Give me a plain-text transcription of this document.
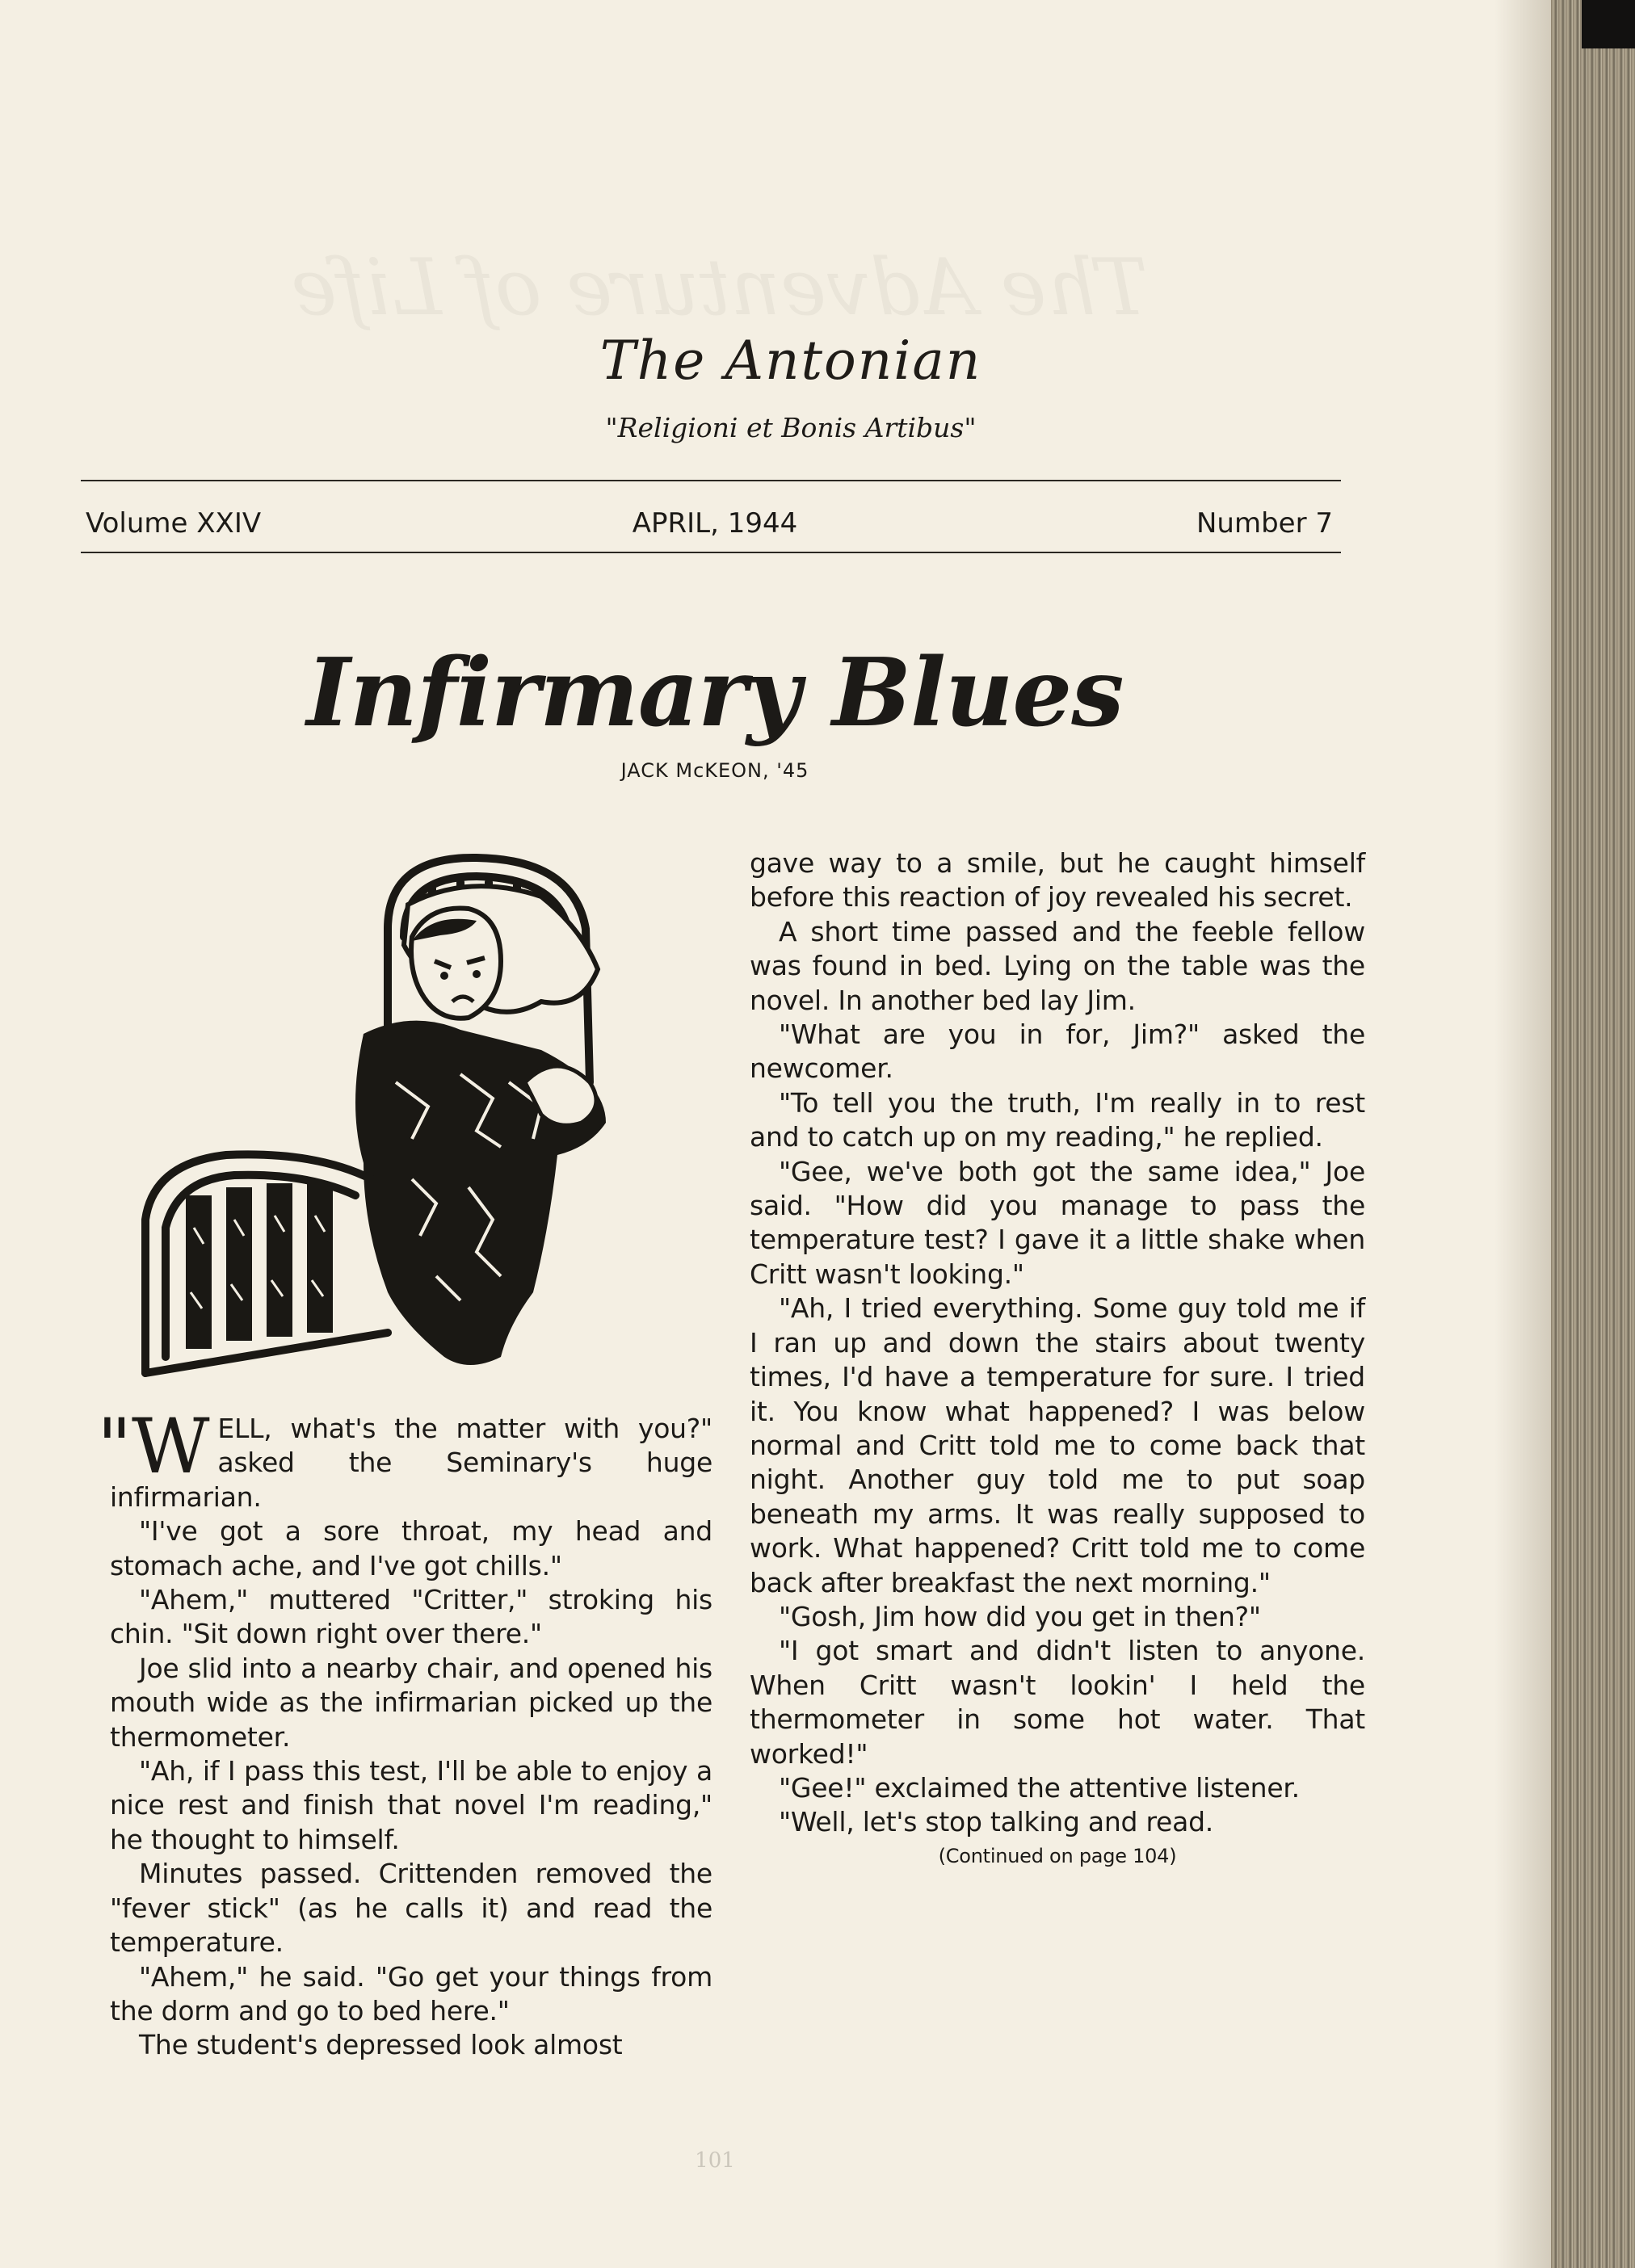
The Adventure of Life
The Antonian
"Religioni et Bonis Artibus"
Volume XXIV	APRIL, 1944	Number 7
Infirmary Blues
JACK McKEON, '45

"WELL, what's the matter with you?" asked the Seminary's huge infirmarian.

"I've got a sore throat, my head and stomach ache, and I've got chills."

"Ahem," muttered "Critter," stroking his chin. "Sit down right over there."

Joe slid into a nearby chair, and opened his mouth wide as the infirmarian picked up the thermometer.

"Ah, if I pass this test, I'll be able to enjoy a nice rest and finish that novel I'm reading," he thought to himself.

Minutes passed. Crittenden removed the "fever stick" (as he calls it) and read the temperature.

"Ahem," he said. "Go get your things from the dorm and go to bed here."

The student's depressed look almost

gave way to a smile, but he caught himself before this reaction of joy revealed his secret.

A short time passed and the feeble fellow was found in bed. Lying on the table was the novel. In another bed lay Jim.

"What are you in for, Jim?" asked the newcomer.

"To tell you the truth, I'm really in to rest and to catch up on my reading," he replied.

"Gee, we've both got the same idea," Joe said. "How did you manage to pass the temperature test? I gave it a little shake when Critt wasn't looking."

"Ah, I tried everything. Some guy told me if I ran up and down the stairs about twenty times, I'd have a temperature for sure. I tried it. You know what happened? I was below normal and Critt told me to come back that night. Another guy told me to put soap beneath my arms. It was really supposed to work. What happened? Critt told me to come back after breakfast the next morning."

"Gosh, Jim how did you get in then?"

"I got smart and didn't listen to anyone. When Critt wasn't lookin' I held the thermometer in some hot water. That worked!"

"Gee!" exclaimed the attentive listener.

"Well, let's stop talking and read.

(Continued on page 104)

101
